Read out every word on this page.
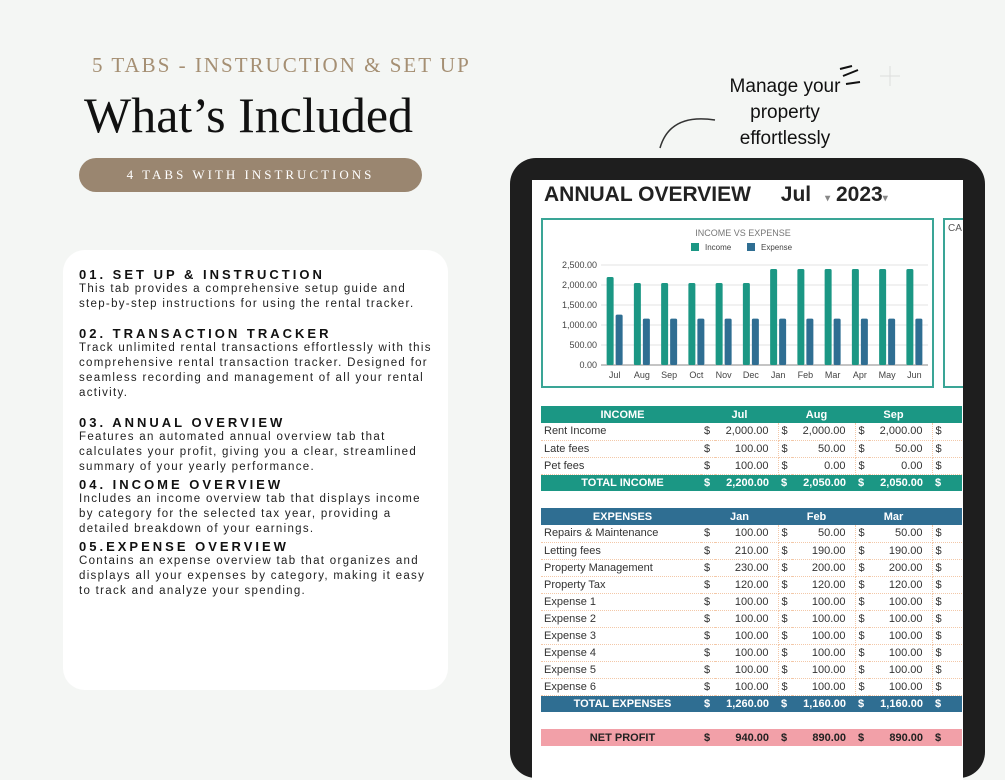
5 TABS - INSTRUCTION & SET UP
What’s Included
4 TABS WITH INSTRUCTIONS
01. SET UP & INSTRUCTION

This tab provides a comprehensive setup guide and step-by-step instructions for using the rental tracker.

02. TRANSACTION TRACKER

Track unlimited rental transactions effortlessly with this comprehensive rental transaction tracker. Designed for seamless recording and management of all your rental activity.

03. ANNUAL OVERVIEW

Features an automated annual overview tab that calculates your profit, giving you a clear, streamlined summary of your yearly performance.

04. INCOME OVERVIEW

Includes an income overview tab that displays income by category for the selected tax year, providing a detailed breakdown of your earnings.

05.EXPENSE OVERVIEW

Contains an expense overview tab that organizes and displays all your expenses by category, making it easy to track and analyze your spending.

Manage your property effortlessly
ANNUAL OVERVIEW Jul ▾ 2023▾
INCOME VS EXPENSE
Income	Expense
0.00
500.00
1,000.00
1,500.00
2,000.00
2,500.00
Jul Aug Sep Oct Nov Dec Jan Feb Mar Apr May Jun
CA
INCOME	Jul		Aug		Sep		
Rent Income	$	2,000.00	$	2,000.00	$	2,000.00	$
Late fees	$	100.00	$	50.00	$	50.00	$
Pet fees	$	100.00	$	0.00	$	0.00	$
TOTAL INCOME	$	2,200.00	$	2,050.00	$	2,050.00	$
EXPENSES	Jan		Feb		Mar		
Repairs & Maintenance	$	100.00	$	50.00	$	50.00	$
Letting fees	$	210.00	$	190.00	$	190.00	$
Property Management	$	230.00	$	200.00	$	200.00	$
Property Tax	$	120.00	$	120.00	$	120.00	$
Expense 1	$	100.00	$	100.00	$	100.00	$
Expense 2	$	100.00	$	100.00	$	100.00	$
Expense 3	$	100.00	$	100.00	$	100.00	$
Expense 4	$	100.00	$	100.00	$	100.00	$
Expense 5	$	100.00	$	100.00	$	100.00	$
Expense 6	$	100.00	$	100.00	$	100.00	$
TOTAL EXPENSES	$	1,260.00	$	1,160.00	$	1,160.00	$
NET PROFIT	$	940.00	$	890.00	$	890.00	$
